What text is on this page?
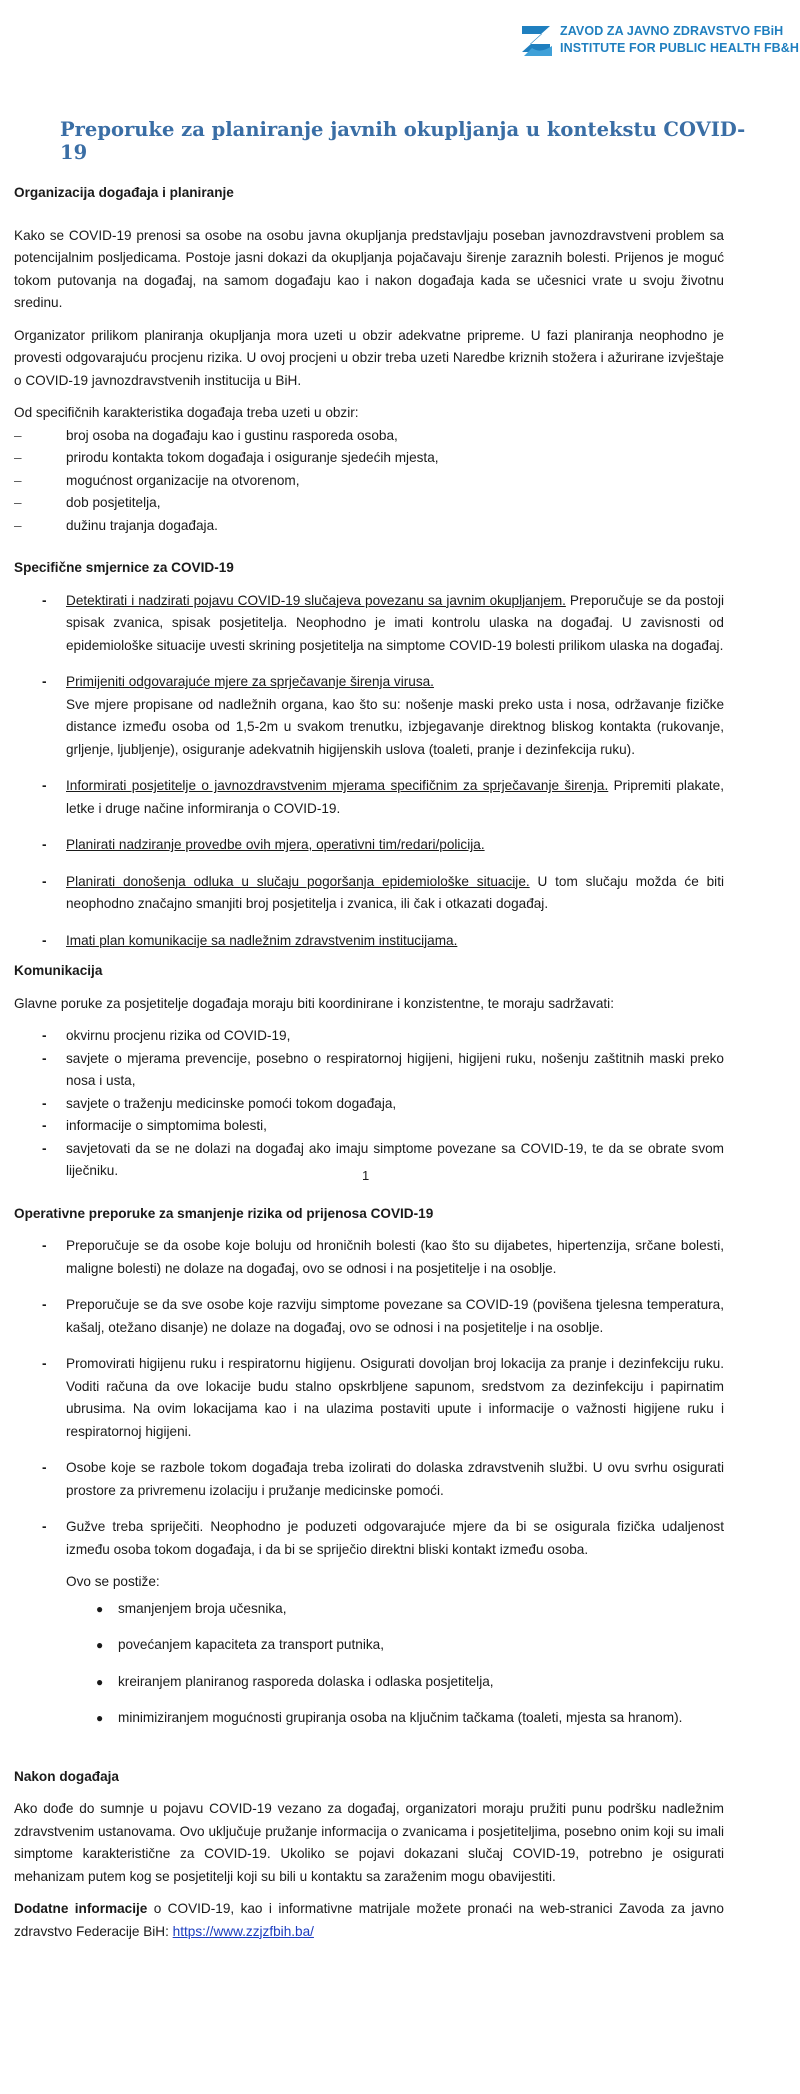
ZAVOD ZA JAVNO ZDRAVSTVO FBiH
INSTITUTE FOR PUBLIC HEALTH FB&H
Preporuke za planiranje javnih okupljanja u kontekstu COVID-19
Organizacija događaja i planiranje

Kako se COVID-19 prenosi sa osobe na osobu javna okupljanja predstavljaju poseban javnozdravstveni problem sa potencijalnim posljedicama. Postoje jasni dokazi da okupljanja pojačavaju širenje zaraznih bolesti. Prijenos je moguć tokom putovanja na događaj, na samom događaju kao i nakon događaja kada se učesnici vrate u svoju životnu sredinu.

Organizator prilikom planiranja okupljanja mora uzeti u obzir adekvatne pripreme. U fazi planiranja neophodno je provesti odgovarajuću procjenu rizika. U ovoj procjeni u obzir treba uzeti Naredbe kriznih stožera i ažurirane izvještaje o COVID-19 javnozdravstvenih institucija u BiH.

Od specifičnih karakteristika događaja treba uzeti u obzir:

–	broj osoba na događaju kao i gustinu rasporeda osoba,
–	prirodu kontakta tokom događaja i osiguranje sjedećih mjesta,
–	mogućnost organizacije na otvorenom,
–	dob posjetitelja,
–	dužinu trajanja događaja.
Specifične smjernice za COVID-19
- Detektirati i nadzirati pojavu COVID-19 slučajeva povezanu sa javnim okupljanjem. Preporučuje se da postoji spisak zvanica, spisak posjetitelja. Neophodno je imati kontrolu ulaska na događaj. U zavisnosti od epidemiološke situacije uvesti skrining posjetitelja na simptome COVID-19 bolesti prilikom ulaska na događaj.
- Primijeniti odgovarajuće mjere za sprječavanje širenja virusa.
Sve mjere propisane od nadležnih organa, kao što su: nošenje maski preko usta i nosa, održavanje fizičke distance između osoba od 1,5-2m u svakom trenutku, izbjegavanje direktnog bliskog kontakta (rukovanje, grljenje, ljubljenje), osiguranje adekvatnih higijenskih uslova (toaleti, pranje i dezinfekcija ruku).
- Informirati posjetitelje o javnozdravstvenim mjerama specifičnim za sprječavanje širenja. Pripremiti plakate, letke i druge načine informiranja o COVID-19.
- Planirati nadziranje provedbe ovih mjera, operativni tim/redari/policija.
- Planirati donošenja odluka u slučaju pogoršanja epidemiološke situacije. U tom slučaju možda će biti neophodno značajno smanjiti broj posjetitelja i zvanica, ili čak i otkazati događaj.
- Imati plan komunikacije sa nadležnim zdravstvenim institucijama.
Komunikacija

Glavne poruke za posjetitelje događaja moraju biti koordinirane i konzistentne, te moraju sadržavati:

- okvirnu procjenu rizika od COVID-19,
- savjete o mjerama prevencije, posebno o respiratornoj higijeni, higijeni ruku, nošenju zaštitnih maski preko nosa i usta,
- savjete o traženju medicinske pomoći tokom događaja,
- informacije o simptomima bolesti,
- savjetovati da se ne dolazi na događaj ako imaju simptome povezane sa COVID-19, te da se obrate svom liječniku.
Operativne preporuke za smanjenje rizika od prijenosa COVID-19
- Preporučuje se da osobe koje boluju od hroničnih bolesti (kao što su dijabetes, hipertenzija, srčane bolesti, maligne bolesti) ne dolaze na događaj, ovo se odnosi i na posjetitelje i na osoblje.
- Preporučuje se da sve osobe koje razviju simptome povezane sa COVID-19 (povišena tjelesna temperatura, kašalj, otežano disanje) ne dolaze na događaj, ovo se odnosi i na posjetitelje i na osoblje.
- Promovirati higijenu ruku i respiratornu higijenu. Osigurati dovoljan broj lokacija za pranje i dezinfekciju ruku. Voditi računa da ove lokacije budu stalno opskrbljene sapunom, sredstvom za dezinfekciju i papirnatim ubrusima. Na ovim lokacijama kao i na ulazima postaviti upute i informacije o važnosti higijene ruku i respiratornoj higijeni.
- Osobe koje se razbole tokom događaja treba izolirati do dolaska zdravstvenih službi. U ovu svrhu osigurati prostore za privremenu izolaciju i pružanje medicinske pomoći.
- Gužve treba spriječiti. Neophodno je poduzeti odgovarajuće mjere da bi se osigurala fizička udaljenost između osoba tokom događaja, i da bi se spriječio direktni bliski kontakt između osoba.
Ovo se postiže:
● smanjenjem broja učesnika,
● povećanjem kapaciteta za transport putnika,
● kreiranjem planiranog rasporeda dolaska i odlaska posjetitelja,
● minimiziranjem mogućnosti grupiranja osoba na ključnim tačkama (toaleti, mjesta sa hranom).
Nakon događaja

Ako dođe do sumnje u pojavu COVID-19 vezano za događaj, organizatori moraju pružiti punu podršku nadležnim zdravstvenim ustanovama. Ovo uključuje pružanje informacija o zvanicama i posjetiteljima, posebno onim koji su imali simptome karakteristične za COVID-19. Ukoliko se pojavi dokazani slučaj COVID-19, potrebno je osigurati mehanizam putem kog se posjetitelji koji su bili u kontaktu sa zaraženim mogu obavijestiti.

Dodatne informacije o COVID-19, kao i informativne matrijale možete pronaći na web-stranici Zavoda za javno zdravstvo Federacije BiH: https://www.zzjzfbih.ba/

1
